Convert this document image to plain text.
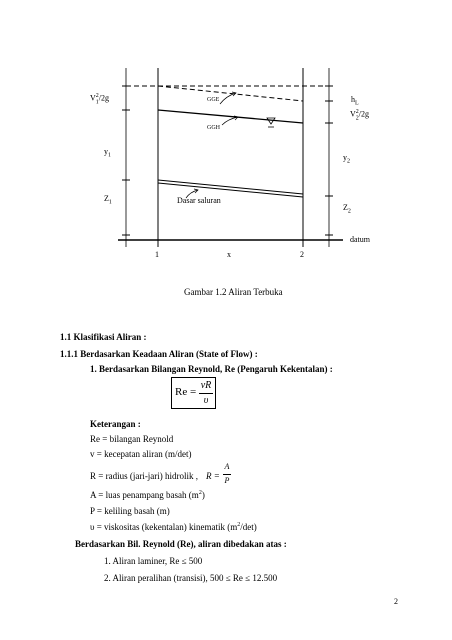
$V_1^2/2g$
$y_1$
$Z_1$
$h_L$
$V_2^2/2g$
$y_2$
$Z_2$
GGE
GGH
Dasar saluran
datum
1	x	2
Gambar 1.2 Aliran Terbuka
1.1 Klasifikasi Aliran :
1.1.1 Berdasarkan Keadaan Aliran (State of Flow) :
1. Berdasarkan Bilangan Reynold, Re (Pengaruh Kekentalan) :
Re =
vR
υ
Keterangan :
Re = bilangan Reynold
v = kecepatan aliran (m/det)
R = radius (jari-jari) hidrolik , R =
A
P
A = luas penampang basah $(m^2)$
P = keliling basah (m)
υ = viskositas (kekentalan) kinematik $(m^2/\det)$
Berdasarkan Bil. Reynold (Re), aliran dibedakan atas :
1. Aliran laminer, Re ≤ 500
2. Aliran peralihan (transisi), 500 ≤ Re ≤ 12.500
2
